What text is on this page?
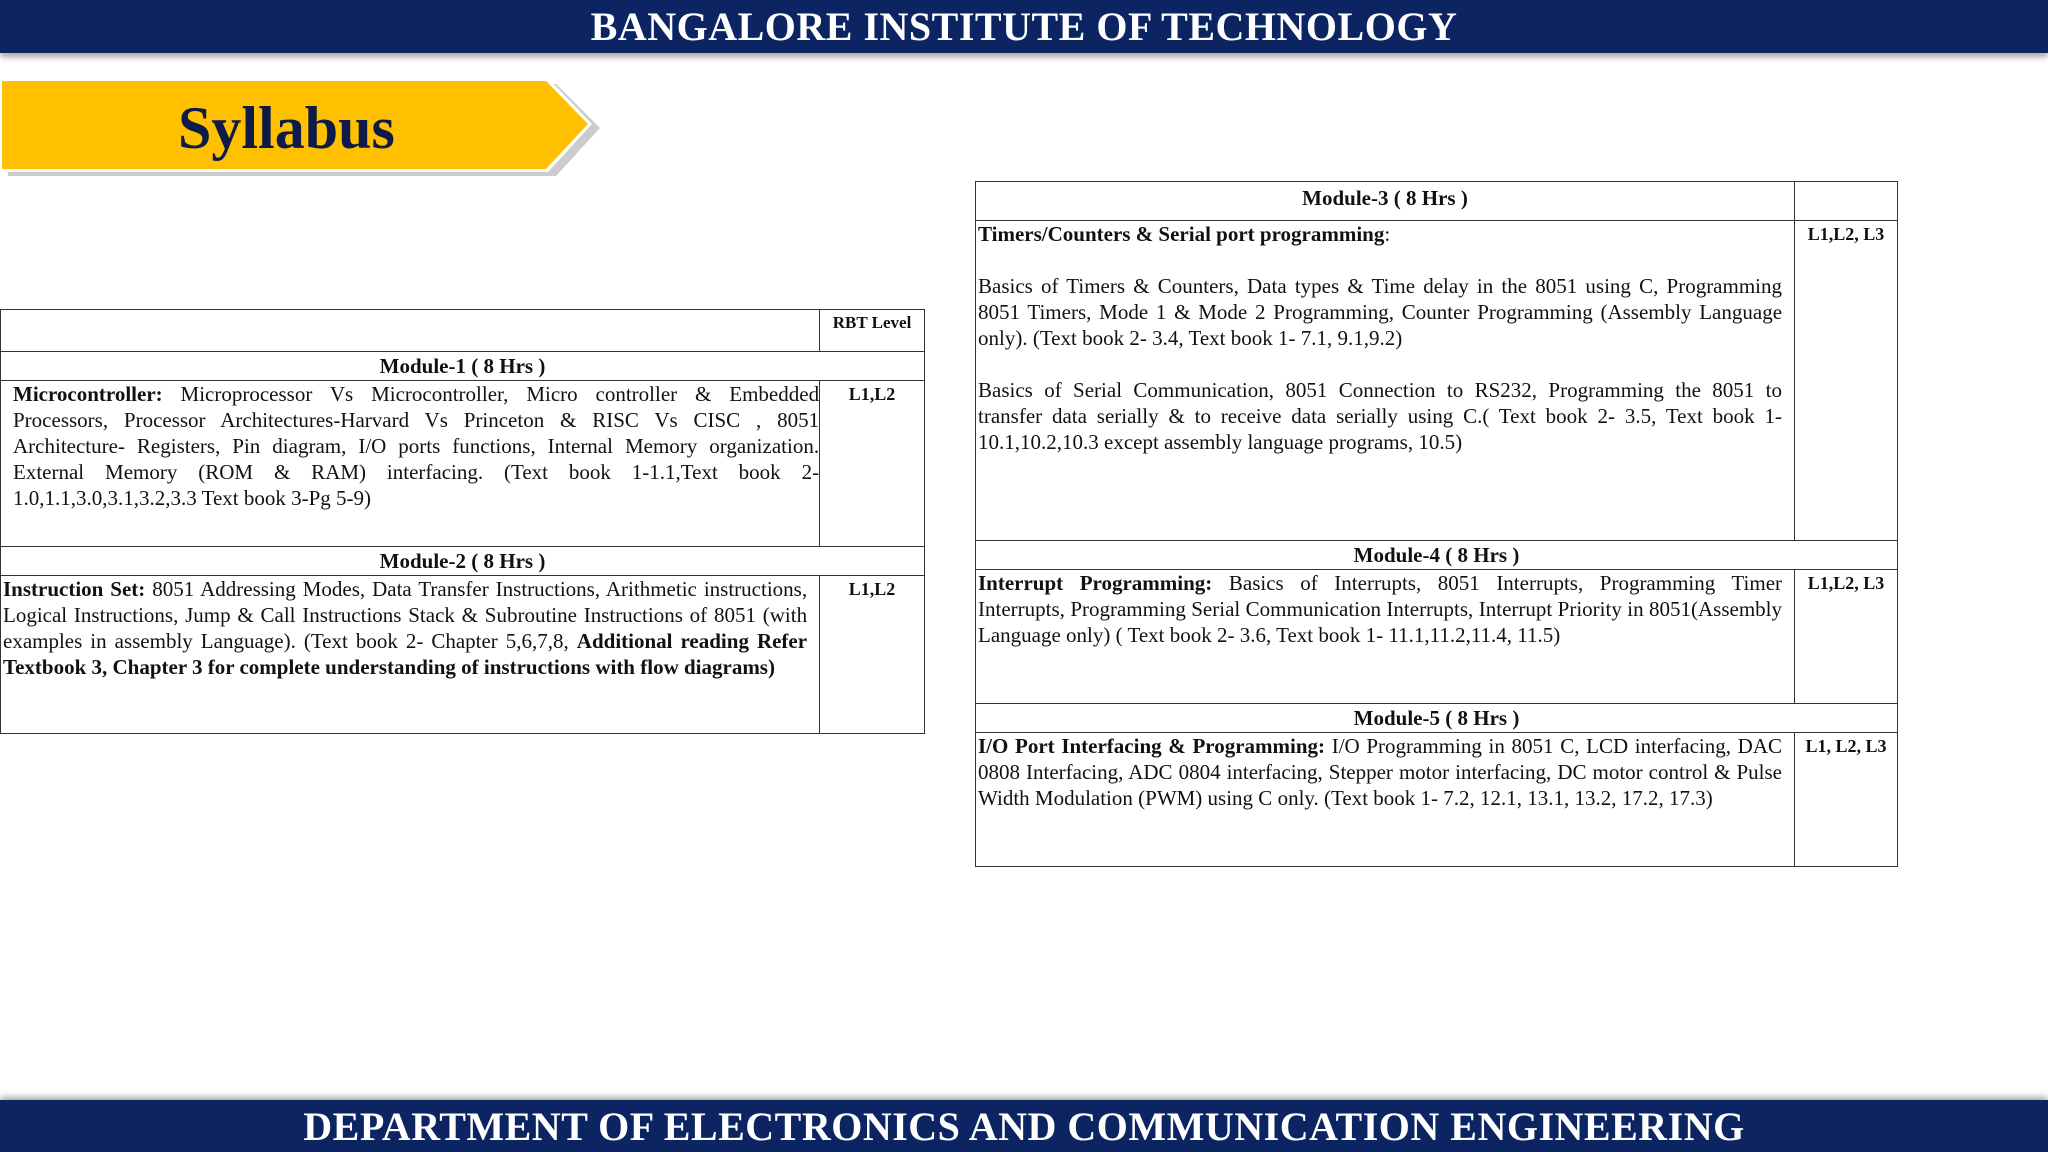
BANGALORE INSTITUTE OF TECHNOLOGY
Syllabus
	RBT Level
Module-1 ( 8 Hrs )	
Microcontroller: Microprocessor Vs Microcontroller, Micro controller & Embedded Processors, Processor Architectures-Harvard Vs Princeton & RISC Vs CISC , 8051 Architecture- Registers, Pin diagram, I/O ports functions, Internal Memory organization. External Memory (ROM & RAM) interfacing. (Text book 1-1.1,Text book 2-1.0,1.1,3.0,3.1,3.2,3.3 Text book 3-Pg 5-9)	L1,L2
Module-2 ( 8 Hrs )	
Instruction Set: 8051 Addressing Modes, Data Transfer Instructions, Arithmetic instructions, Logical Instructions, Jump & Call Instructions Stack & Subroutine Instructions of 8051 (with examples in assembly Language). (Text book 2- Chapter 5,6,7,8, Additional reading Refer Textbook 3, Chapter 3 for complete understanding of instructions with flow diagrams)	L1,L2
Module-3 ( 8 Hrs )	

Timers/Counters & Serial port programming:

Basics of Timers & Counters, Data types & Time delay in the 8051 using C, Programming 8051 Timers, Mode 1 & Mode 2 Programming, Counter Programming (Assembly Language only). (Text book 2- 3.4, Text book 1- 7.1, 9.1,9.2)

Basics of Serial Communication, 8051 Connection to RS232, Programming the 8051 to transfer data serially & to receive data serially using C.( Text book 2- 3.5, Text book 1- 10.1,10.2,10.3 except assembly language programs, 10.5)	L1,L2, L3
Module-4 ( 8 Hrs )	
Interrupt Programming: Basics of Interrupts, 8051 Interrupts, Programming Timer Interrupts, Programming Serial Communication Interrupts, Interrupt Priority in 8051(Assembly Language only) ( Text book 2- 3.6, Text book 1- 11.1,11.2,11.4, 11.5)	L1,L2, L3
Module-5 ( 8 Hrs )	
I/O Port Interfacing & Programming: I/O Programming in 8051 C, LCD interfacing, DAC 0808 Interfacing, ADC 0804 interfacing, Stepper motor interfacing, DC motor control & Pulse Width Modulation (PWM) using C only. (Text book 1- 7.2, 12.1, 13.1, 13.2, 17.2, 17.3)	L1, L2, L3
DEPARTMENT OF ELECTRONICS AND COMMUNICATION ENGINEERING
